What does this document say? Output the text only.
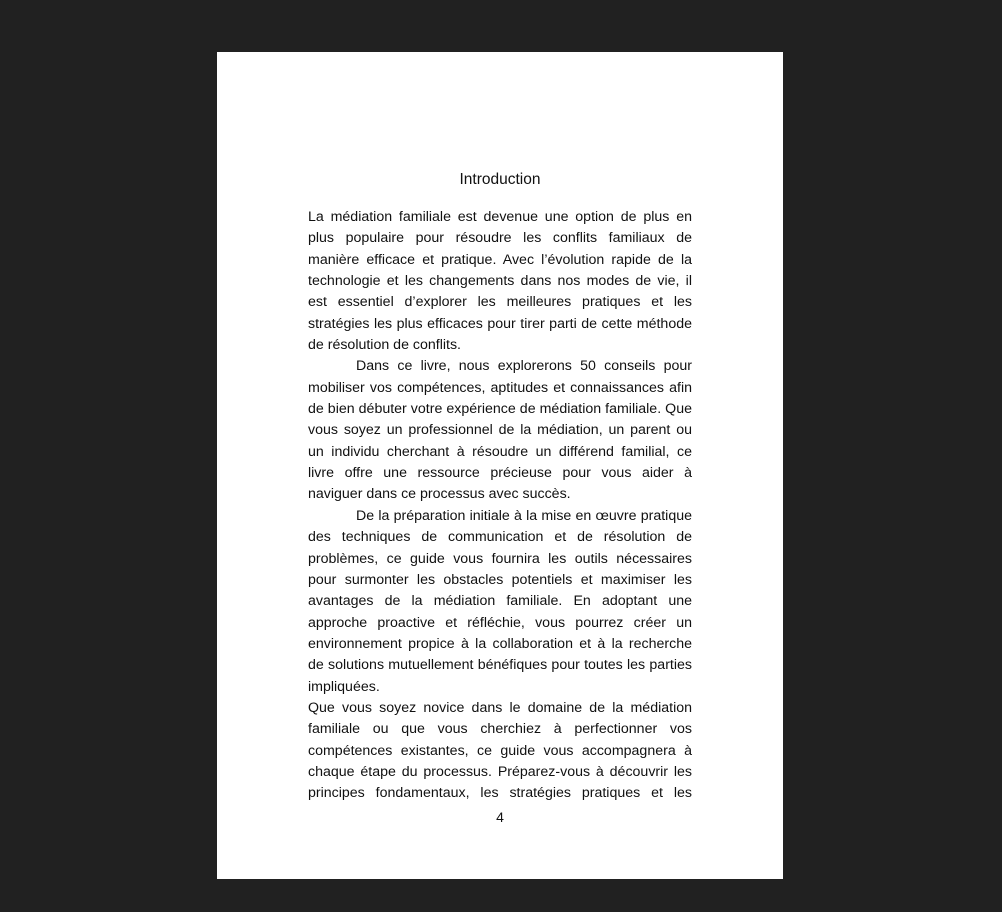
Introduction

La médiation familiale est devenue une option de plus en plus populaire pour résoudre les conflits familiaux de manière efficace et pratique. Avec l’évolution rapide de la technologie et les changements dans nos modes de vie, il est essentiel d’explorer les meilleures pratiques et les stratégies les plus efficaces pour tirer parti de cette méthode de résolution de conflits.

Dans ce livre, nous explorerons 50 conseils pour mobiliser vos compétences, aptitudes et connaissances afin de bien débuter votre expérience de médiation familiale. Que vous soyez un professionnel de la médiation, un parent ou un individu cherchant à résoudre un différend familial, ce livre offre une ressource précieuse pour vous aider à naviguer dans ce processus avec succès.

De la préparation initiale à la mise en œuvre pratique des techniques de communication et de résolution de problèmes, ce guide vous fournira les outils nécessaires pour surmonter les obstacles potentiels et maximiser les avantages de la médiation familiale. En adoptant une approche proactive et réfléchie, vous pourrez créer un environnement propice à la collaboration et à la recherche de solutions mutuellement bénéfiques pour toutes les parties impliquées.

Que vous soyez novice dans le domaine de la médiation familiale ou que vous cherchiez à perfectionner vos compétences existantes, ce guide vous accompagnera à chaque étape du processus. Préparez-vous à découvrir les principes fondamentaux, les stratégies pratiques et les

4
